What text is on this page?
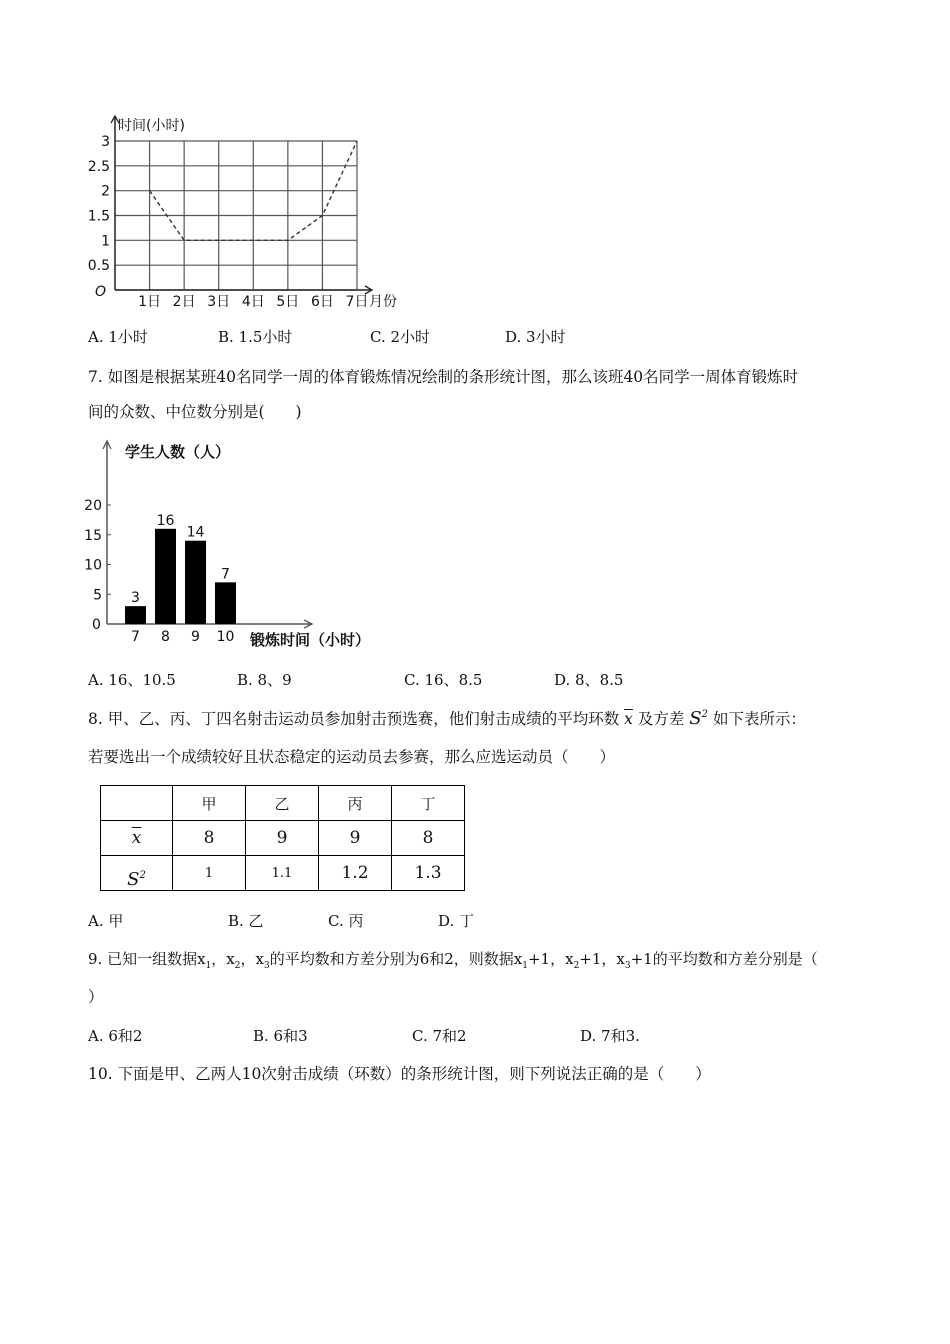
3
2.5
2
1.5
1
0.5
1日 2日 3日 4日 5日 6日 7日
时间(小时)
月份
O
A. 1小时	B. 1.5小时	C. 2小时	D. 3小时
7. 如图是根据某班40名同学一周的体育锻炼情况绘制的条形统计图，那么该班40名同学一周体育锻炼时
间的众数、中位数分别是(　　)
20
15
10
5 3
16
14
7
7 8 9 10
学生人数（人）
锻炼时间（小时）
0
A. 16、10.5	B. 8、9	C. 16、8.5	D. 8、8.5
8. 甲、乙、丙、丁四名射击运动员参加射击预选赛，他们射击成绩的平均环数 $\overline{x}$ 及方差 $S^2$ 如下表所示：
若要选出一个成绩较好且状态稳定的运动员去参赛，那么应选运动员（　　）
	甲	乙	丙	丁
$\overline{x}$	8	9	9	8
$S^2$	1	1.1	1.2	1.3
A. 甲	B. 乙	C. 丙	D. 丁
9. 已知一组数据$x_1$，$x_2$，$x_3$的平均数和方差分别为6和2，则数据$x_1+1$，$x_2+1$，$x_3+1$的平均数和方差分别是（
）
A. 6和2	B. 6和3	C. 7和2	D. 7和3.
10. 下面是甲、乙两人10次射击成绩（环数）的条形统计图，则下列说法正确的是（　　）
